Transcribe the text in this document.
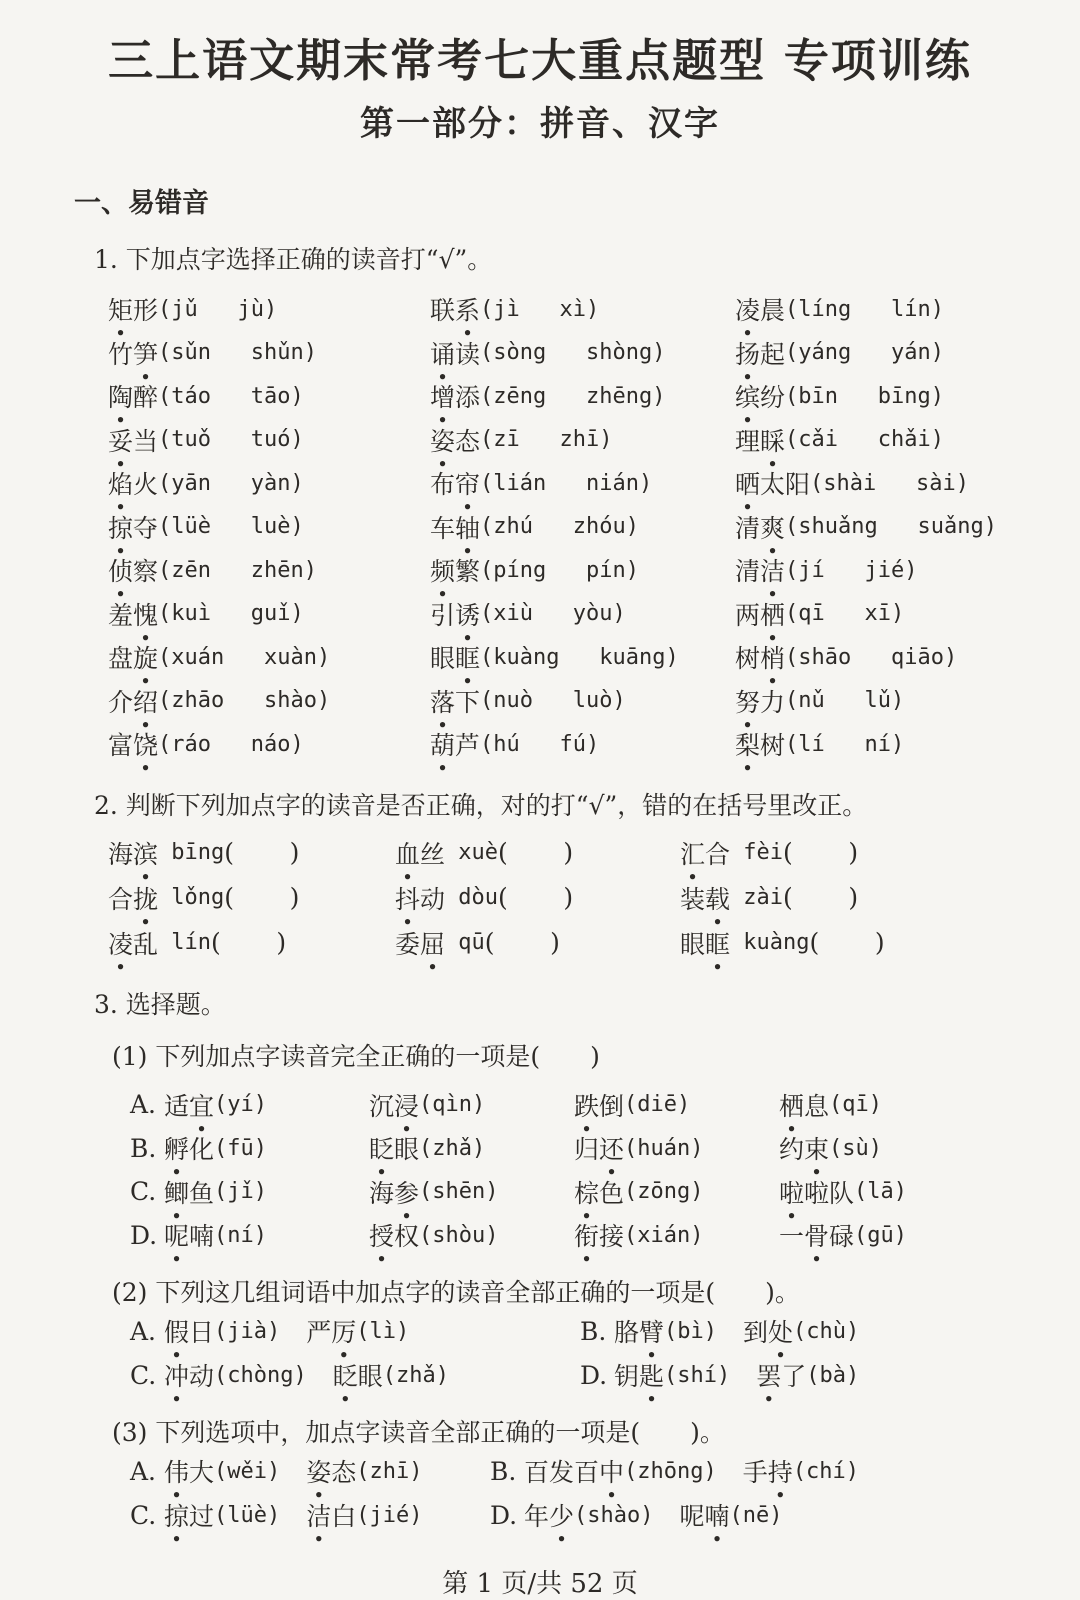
三上语文期末常考七大重点题型 专项训练
第一部分：拼音、汉字
一、易错音
1. 下加点字选择正确的读音打“√”。
矩形 (jǔ   jù)	联系 (jì   xì)	凌晨 (líng   lín)
竹笋 (sǔn   shǔn)	诵读 (sòng   shòng)	扬起 (yáng   yán)
陶醉 (táo   tāo)	增添 (zēng   zhēng)	缤纷 (bīn   bīng)
妥当 (tuǒ   tuó)	姿态 (zī   zhī)	理睬 (cǎi   chǎi)
焰火 (yān   yàn)	布帘 (lián   nián)	晒太阳 (shài   sài)
掠夺 (lüè   luè)	车轴 (zhú   zhóu)	清爽 (shuǎng   suǎng)
侦察 (zēn   zhēn)	频繁 (píng   pín)	清洁 (jí   jié)
羞愧 (kuì   guǐ)	引诱 (xiù   yòu)	两栖 (qī   xī)
盘旋 (xuán   xuàn)	眼眶 (kuàng   kuāng) 树梢 (shāo   qiāo)
介绍 (zhāo   shào)	落下 (nuò   luò)	努力 (nǔ   lǔ)
富饶 (ráo   náo)	葫芦 (hú   fú)	梨树 (lí   ní)
2. 判断下列加点字的读音是否正确，对的打“√”，错的在括号里改正。
海滨 bīng (       )	血丝 xuè (       )	汇合 fèi (       )
合拢 lǒng (       )	抖动 dòu (       )	装载 zài (       )
凌乱 lín (       )	委屈 qū (       )	眼眶 kuàng (       )
3. 选择题。
(1) 下列加点字读音完全正确的一项是(　　)
A. 适宜 (yí)	沉浸 (qìn)	跌倒 (diē)	栖息 (qī)
B. 孵化 (fū)	眨眼 (zhǎ)	归还 (huán)	约束 (sù)
C. 鲫鱼 (jǐ)	海参 (shēn)	棕色 (zōng)	啦啦队 (lā)
D. 呢喃 (ní)	授权 (shòu)	衔接 (xián)	一骨碌 (gū)
(2) 下列这几组词语中加点字的读音全部正确的一项是(　　)。
A. 假日 (jià) 严厉 (lì)	B. 胳臂 (bì) 到处 (chù)
C. 冲动 (chòng) 眨眼 (zhǎ)	D. 钥匙 (shí) 罢了 (bà)
(3) 下列选项中，加点字读音全部正确的一项是(　　)。
A. 伟大 (wěi) 姿态 (zhī)	B. 百发百中 (zhōng) 手持 (chí)
C. 掠过 (lüè) 洁白 (jié)	D. 年少 (shào) 呢喃 (nē)
第 1 页/共 52 页
